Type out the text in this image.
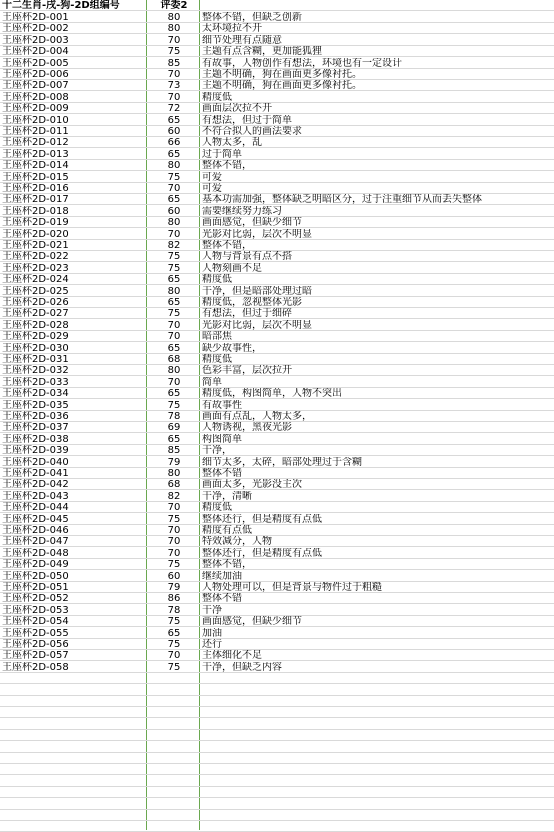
十二生肖-戌-狗-2D组编号	评委2
王座杯2D-001	80	整体不错，但缺乏创新
王座杯2D-002	80	太环境拉不开
王座杯2D-003	70	细节处理有点随意
王座杯2D-004	75	主题有点含糊，更加能狐狸
王座杯2D-005	85	有故事，人物创作有想法，环境也有一定设计
王座杯2D-006	70	主题不明确，狗在画面更多像衬托。
王座杯2D-007	73	主题不明确，狗在画面更多像衬托。
王座杯2D-008	70	精度低
王座杯2D-009	72	画面层次拉不开
王座杯2D-010	65	有想法，但过于简单
王座杯2D-011	60	不符合拟人的画法要求
王座杯2D-012	66	人物太多，乱
王座杯2D-013	65	过于简单
王座杯2D-014	80	整体不错，
王座杯2D-015	75	可爱
王座杯2D-016	70	可爱
王座杯2D-017	65	基本功需加强，整体缺乏明暗区分，过于注重细节从而丢失整体
王座杯2D-018	60	需要继续努力练习
王座杯2D-019	80	画面感觉，但缺少细节
王座杯2D-020	70	光影对比弱，层次不明显
王座杯2D-021	82	整体不错，
王座杯2D-022	75	人物与背景有点不搭
王座杯2D-023	75	人物刻画不足
王座杯2D-024	65	精度低
王座杯2D-025	80	干净，但是暗部处理过暗
王座杯2D-026	65	精度低，忽视整体光影
王座杯2D-027	75	有想法，但过于细碎
王座杯2D-028	70	光影对比弱，层次不明显
王座杯2D-029	70	暗部焦
王座杯2D-030	65	缺少故事性，
王座杯2D-031	68	精度低
王座杯2D-032	80	色彩丰富，层次拉开
王座杯2D-033	70	简单
王座杯2D-034	65	精度低，构图简单，人物不突出
王座杯2D-035	75	有故事性
王座杯2D-036	78	画面有点乱，人物太多，
王座杯2D-037	69	人物诱视，黑夜光影
王座杯2D-038	65	构图简单
王座杯2D-039	85	干净，
王座杯2D-040	79	细节太多，太碎，暗部处理过于含糊
王座杯2D-041	80	整体不错
王座杯2D-042	68	画面太多，光影没主次
王座杯2D-043	82	干净，清晰
王座杯2D-044	70	精度低
王座杯2D-045	75	整体还行，但是精度有点低
王座杯2D-046	70	精度有点低
王座杯2D-047	70	特效减分，人物
王座杯2D-048	70	整体还行，但是精度有点低
王座杯2D-049	75	整体不错，
王座杯2D-050	60	继续加油
王座杯2D-051	79	人物处理可以，但是背景与物件过于粗糙
王座杯2D-052	86	整体不错
王座杯2D-053	78	干净
王座杯2D-054	75	画面感觉，但缺少细节
王座杯2D-055	65	加油
王座杯2D-056	75	还行
王座杯2D-057	70	主体细化不足
王座杯2D-058	75	干净，但缺乏内容
